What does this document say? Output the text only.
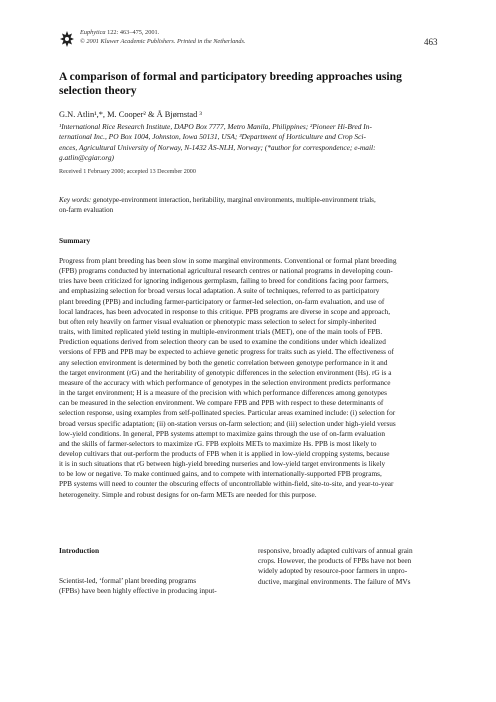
Euphytica 122: 463–475, 2001.
© 2001 Kluwer Academic Publishers. Printed in the Netherlands.	463
A comparison of formal and participatory breeding approaches using
selection theory
G.N. Atlin¹,*, M. Cooper² & Å Bjørnstad ³
¹International Rice Research Institute, DAPO Box 7777, Metro Manila, Philippines; ²Pioneer Hi-Bred In-
ternational Inc., PO Box 1004, Johnston, Iowa 50131, USA; ³Department of Horticulture and Crop Sci-
ences, Agricultural University of Norway, N-1432 ÅS-NLH, Norway; (*author for correspondence; e-mail:
g.atlin@cgiar.org)
Received 1 February 2000; accepted 13 December 2000
Key words: genotype-environment interaction, heritability, marginal environments, multiple-environment trials,
on-farm evaluation
Summary
Progress from plant breeding has been slow in some marginal environments. Conventional or formal plant breeding
(FPB) programs conducted by international agricultural research centres or national programs in developing coun-
tries have been criticized for ignoring indigenous germplasm, failing to breed for conditions facing poor farmers,
and emphasizing selection for broad versus local adaptation. A suite of techniques, referred to as participatory
plant breeding (PPB) and including farmer-participatory or farmer-led selection, on-farm evaluation, and use of
local landraces, has been advocated in response to this critique. PPB programs are diverse in scope and approach,
but often rely heavily on farmer visual evaluation or phenotypic mass selection to select for simply-inherited
traits, with limited replicated yield testing in multiple-environment trials (MET), one of the main tools of FPB.
Prediction equations derived from selection theory can be used to examine the conditions under which idealized
versions of FPB and PPB may be expected to achieve genetic progress for traits such as yield. The effectiveness of
any selection environment is determined by both the genetic correlation between genotype performance in it and
the target environment (rG) and the heritability of genotypic differences in the selection environment (Hs). rG is a
measure of the accuracy with which performance of genotypes in the selection environment predicts performance
in the target environment; H is a measure of the precision with which performance differences among genotypes
can be measured in the selection environment. We compare FPB and PPB with respect to these determinants of
selection response, using examples from self-pollinated species. Particular areas examined include: (i) selection for
broad versus specific adaptation; (ii) on-station versus on-farm selection; and (iii) selection under high-yield versus
low-yield conditions. In general, PPB systems attempt to maximize gains through the use of on-farm evaluation
and the skills of farmer-selectors to maximize rG. FPB exploits METs to maximize Hs. PPB is most likely to
develop cultivars that out-perform the products of FPB when it is applied in low-yield cropping systems, because
it is in such situations that rG between high-yield breeding nurseries and low-yield target environments is likely
to be low or negative. To make continued gains, and to compete with internationally-supported FPB programs,
PPB systems will need to counter the obscuring effects of uncontrollable within-field, site-to-site, and year-to-year
heterogeneity. Simple and robust designs for on-farm METs are needed for this purpose.
Introduction
Scientist-led, ‘formal’ plant breeding programs
(FPBs) have been highly effective in producing input-
responsive, broadly adapted cultivars of annual grain
crops. However, the products of FPBs have not been
widely adopted by resource-poor farmers in unpro-
ductive, marginal environments. The failure of MVs
